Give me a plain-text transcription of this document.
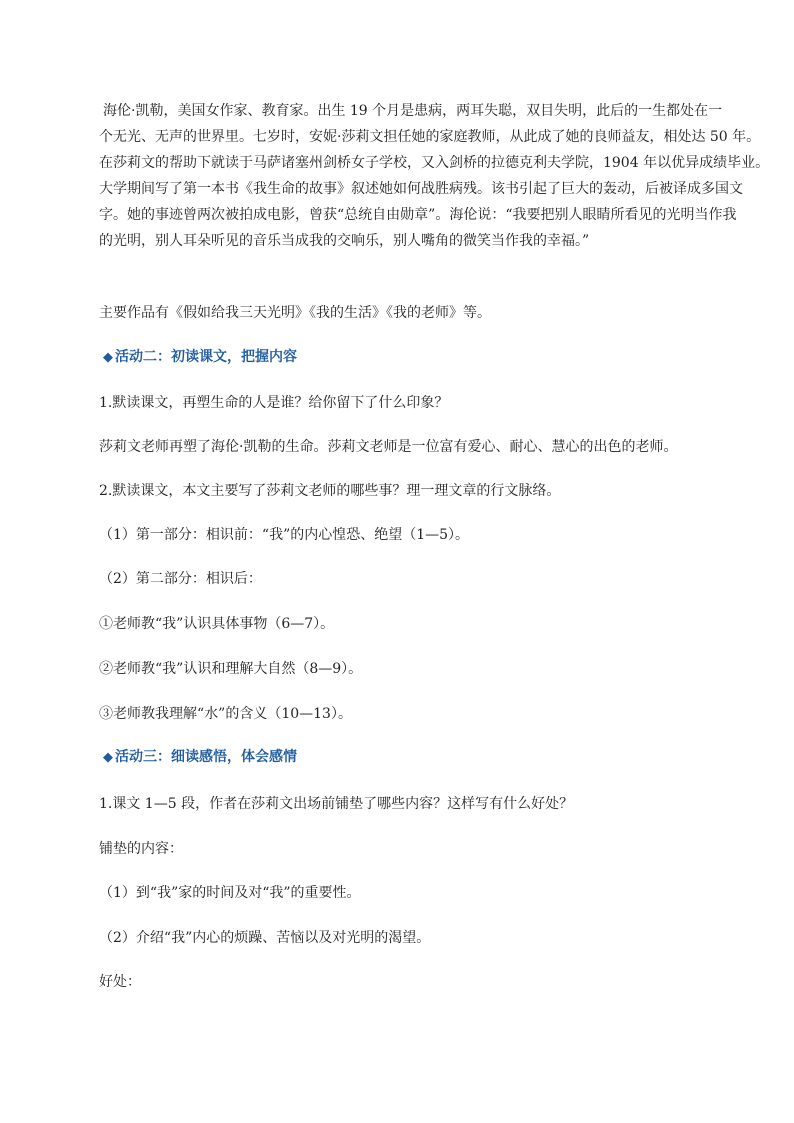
海伦·凯勒，美国女作家、教育家。出生 19 个月是患病，两耳失聪，双目失明，此后的一生都处在一
个无光、无声的世界里。七岁时，安妮·莎莉文担任她的家庭教师，从此成了她的良师益友，相处达 50 年。
在莎莉文的帮助下就读于马萨诸塞州剑桥女子学校，又入剑桥的拉德克利夫学院，1904 年以优异成绩毕业。
大学期间写了第一本书《我生命的故事》叙述她如何战胜病残。该书引起了巨大的轰动，后被译成多国文
字。她的事迹曾两次被拍成电影，曾获“总统自由勋章”。海伦说：“我要把别人眼睛所看见的光明当作我
的光明，别人耳朵听见的音乐当成我的交响乐，别人嘴角的微笑当作我的幸福。”

主要作品有《假如给我三天光明》《我的生活》《我的老师》等。

◆ 活动二：初读课文，把握内容

1.默读课文，再塑生命的人是谁？给你留下了什么印象？

莎莉文老师再塑了海伦·凯勒的生命。莎莉文老师是一位富有爱心、耐心、慧心的出色的老师。

2.默读课文，本文主要写了莎莉文老师的哪些事？理一理文章的行文脉络。

（1）第一部分：相识前：“我”的内心惶恐、绝望（1—5）。

（2）第二部分：相识后：

①老师教“我”认识具体事物（6—7）。

②老师教“我”认识和理解大自然（8—9）。

③老师教我理解“水”的含义（10—13）。

◆ 活动三：细读感悟，体会感情

1.课文 1—5 段，作者在莎莉文出场前铺垫了哪些内容？这样写有什么好处？

铺垫的内容：

（1）到“我”家的时间及对“我”的重要性。

（2）介绍“我”内心的烦躁、苦恼以及对光明的渴望。

好处：
